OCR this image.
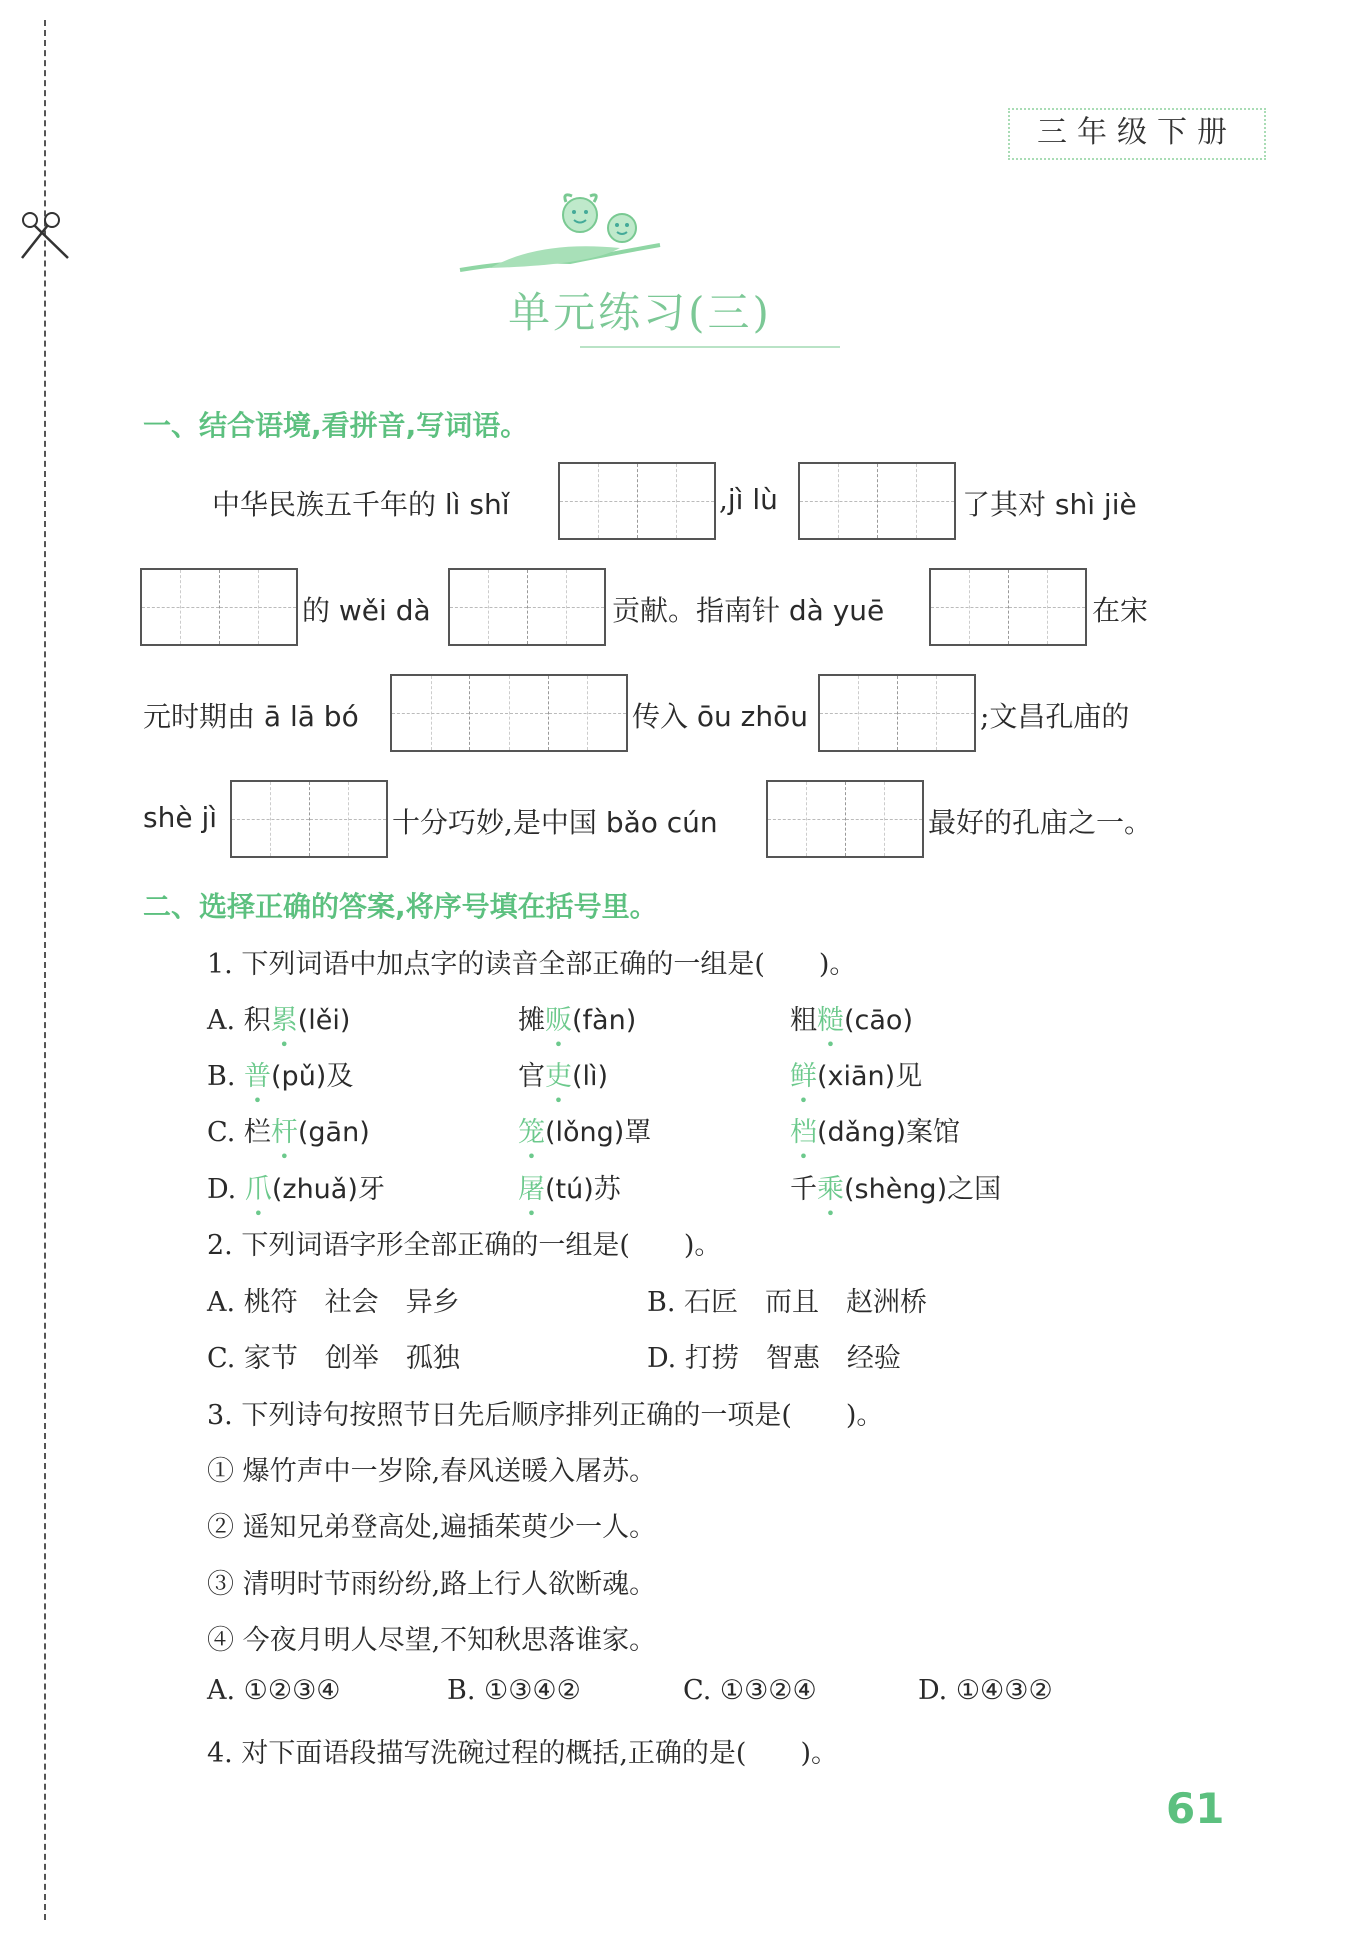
三年级下册
单元练习(三)
一、结合语境,看拼音,写词语。
中华民族五千年的 lì shǐ	,jì lù	了其对 shì jiè
的 wěi dà	贡献。指南针 dà yuē	在宋
元时期由 ā lā bó	传入 ōu zhōu	;文昌孔庙的
shè jì	十分巧妙,是中国 bǎo cún	最好的孔庙之一。
二、选择正确的答案,将序号填在括号里。
1. 下列词语中加点字的读音全部正确的一组是(　　)。
A. 积累(lěi)	摊贩(fàn)	粗糙(cāo)
B. 普(pǔ)及	官吏(lì)	鲜(xiān)见
C. 栏杆(gān)	笼(lǒng)罩	档(dǎng)案馆
D. 爪(zhuǎ)牙	屠(tú)苏	千乘(shèng)之国
2. 下列词语字形全部正确的一组是(　　)。
A. 桃符　社会　异乡	B. 石匠　而且　赵洲桥
C. 家节　创举　孤独	D. 打捞　智惠　经验
3. 下列诗句按照节日先后顺序排列正确的一项是(　　)。
① 爆竹声中一岁除,春风送暖入屠苏。
② 遥知兄弟登高处,遍插茱萸少一人。
③ 清明时节雨纷纷,路上行人欲断魂。
④ 今夜月明人尽望,不知秋思落谁家。
A. ①②③④	B. ①③④②	C. ①③②④	D. ①④③②
4. 对下面语段描写洗碗过程的概括,正确的是(　　)。
61
